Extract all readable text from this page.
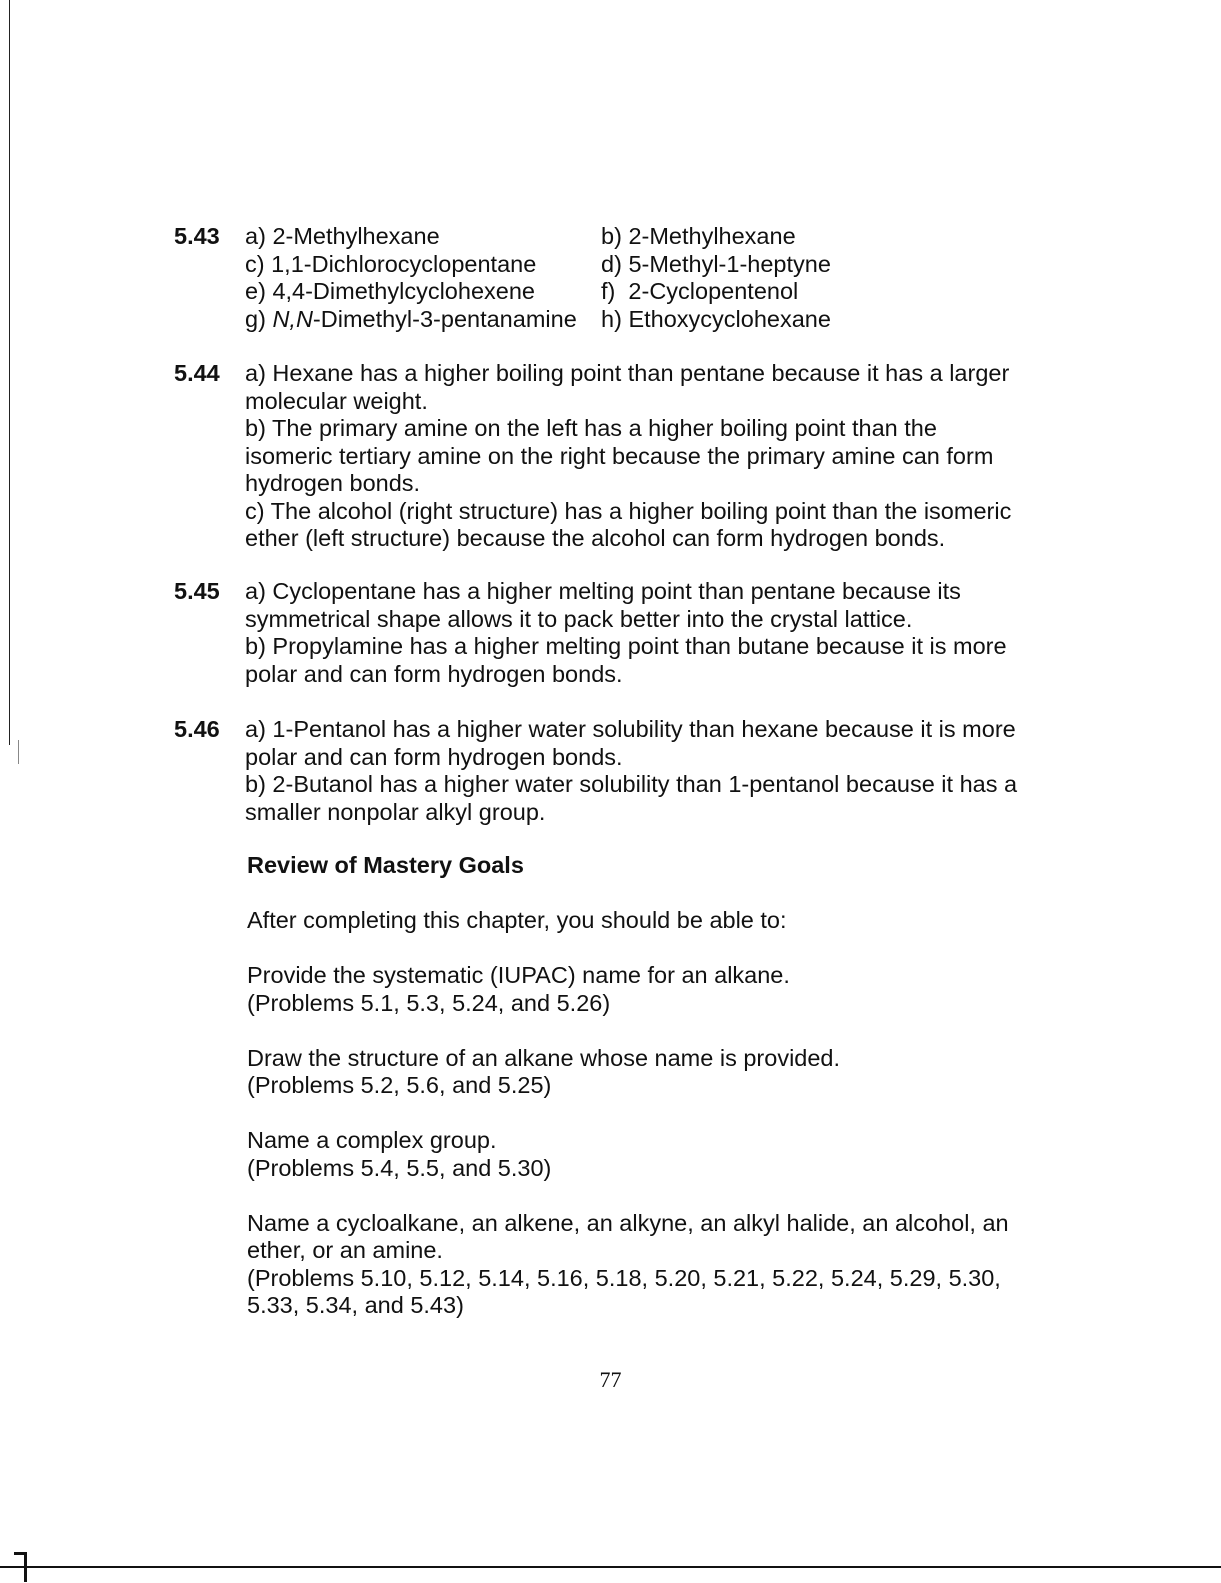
5.43 a) 2-Methylhexane	b) 2-Methylhexane
c) 1,1-Dichlorocyclopentane	d) 5-Methyl-1-heptyne
e) 4,4-Dimethylcyclohexene	f) 2-Cyclopentenol
g) N,N-Dimethyl-3-pentanamine	h) Ethoxycyclohexane
5.44 a) Hexane has a higher boiling point than pentane because it has a larger

molecular weight.

b) The primary amine on the left has a higher boiling point than the

isomeric tertiary amine on the right because the primary amine can form

hydrogen bonds.

c) The alcohol (right structure) has a higher boiling point than the isomeric

ether (left structure) because the alcohol can form hydrogen bonds.

5.45 a) Cyclopentane has a higher melting point than pentane because its

symmetrical shape allows it to pack better into the crystal lattice.

b) Propylamine has a higher melting point than butane because it is more

polar and can form hydrogen bonds.

5.46 a) 1-Pentanol has a higher water solubility than hexane because it is more

polar and can form hydrogen bonds.

b) 2-Butanol has a higher water solubility than 1-pentanol because it has a

smaller nonpolar alkyl group.

Review of Mastery Goals

After completing this chapter, you should be able to:

Provide the systematic (IUPAC) name for an alkane.

(Problems 5.1, 5.3, 5.24, and 5.26)

Draw the structure of an alkane whose name is provided.

(Problems 5.2, 5.6, and 5.25)

Name a complex group.

(Problems 5.4, 5.5, and 5.30)

Name a cycloalkane, an alkene, an alkyne, an alkyl halide, an alcohol, an

ether, or an amine.

(Problems 5.10, 5.12, 5.14, 5.16, 5.18, 5.20, 5.21, 5.22, 5.24, 5.29, 5.30,

5.33, 5.34, and 5.43)

77
